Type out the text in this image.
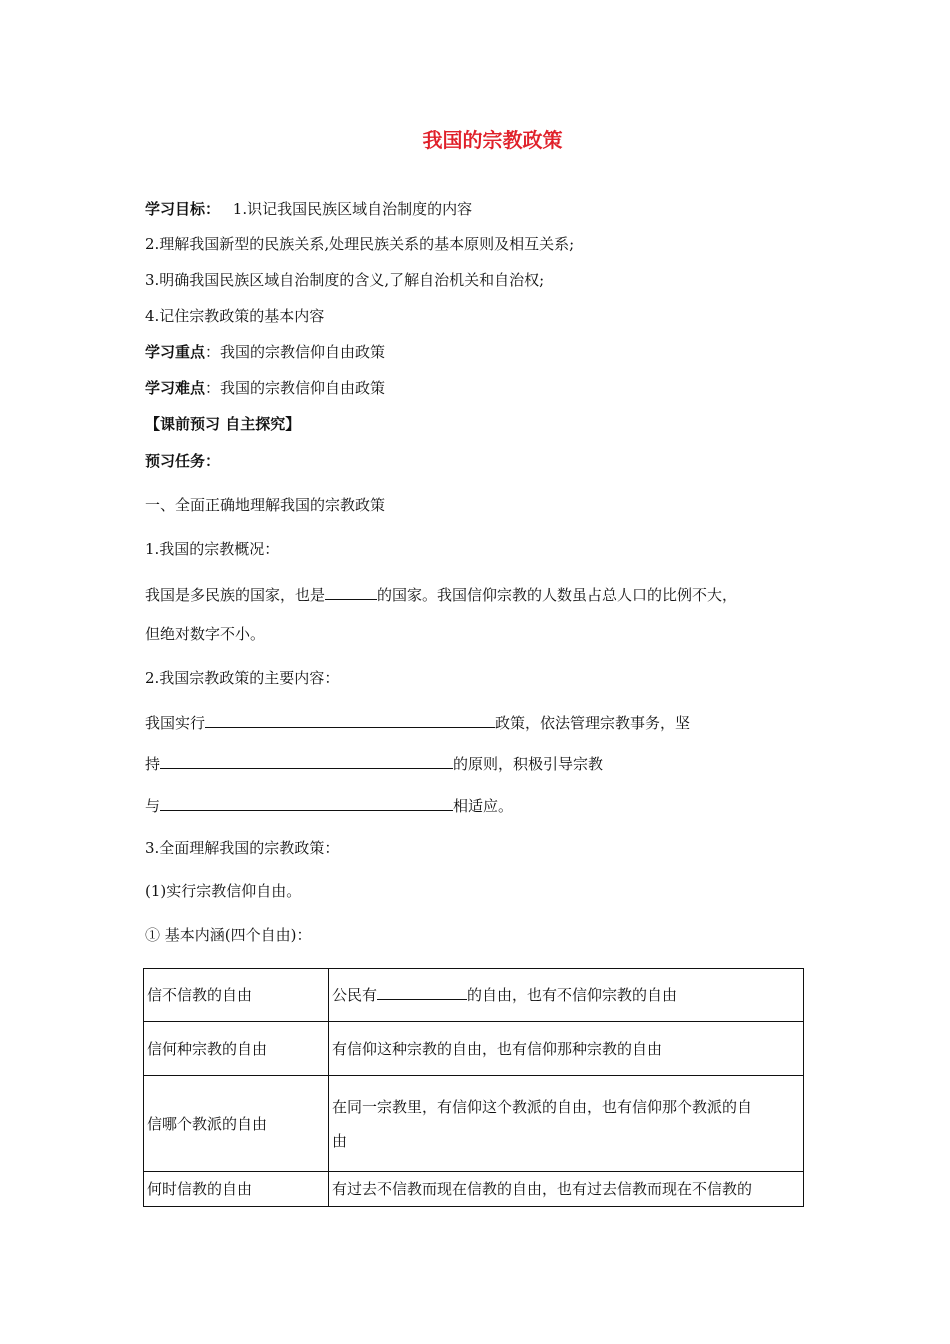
我国的宗教政策
学习目标： 1.识记我国民族区域自治制度的内容
2.理解我国新型的民族关系,处理民族关系的基本原则及相互关系;
3.明确我国民族区域自治制度的含义,了解自治机关和自治权;
4.记住宗教政策的基本内容
学习重点：我国的宗教信仰自由政策
学习难点：我国的宗教信仰自由政策
【课前预习 自主探究】
预习任务：
一、全面正确地理解我国的宗教政策
1.我国的宗教概况：
我国是多民族的国家，也是	的国家。我国信仰宗教的人数虽占总人口的比例不大，
但绝对数字不小。
2.我国宗教政策的主要内容：
我国实行	政策，依法管理宗教事务，坚
持	的原则，积极引导宗教
与	相适应。
3.全面理解我国的宗教政策：
(1)实行宗教信仰自由。
① 基本内涵(四个自由)：
信不信教的自由	公民有 的自由，也有不信仰宗教的自由
信何种宗教的自由	有信仰这种宗教的自由，也有信仰那种宗教的自由
信哪个教派的自由	在同一宗教里，有信仰这个教派的自由，也有信仰那个教派的自
由

何时信教的自由	有过去不信教而现在信教的自由，也有过去信教而现在不信教的
